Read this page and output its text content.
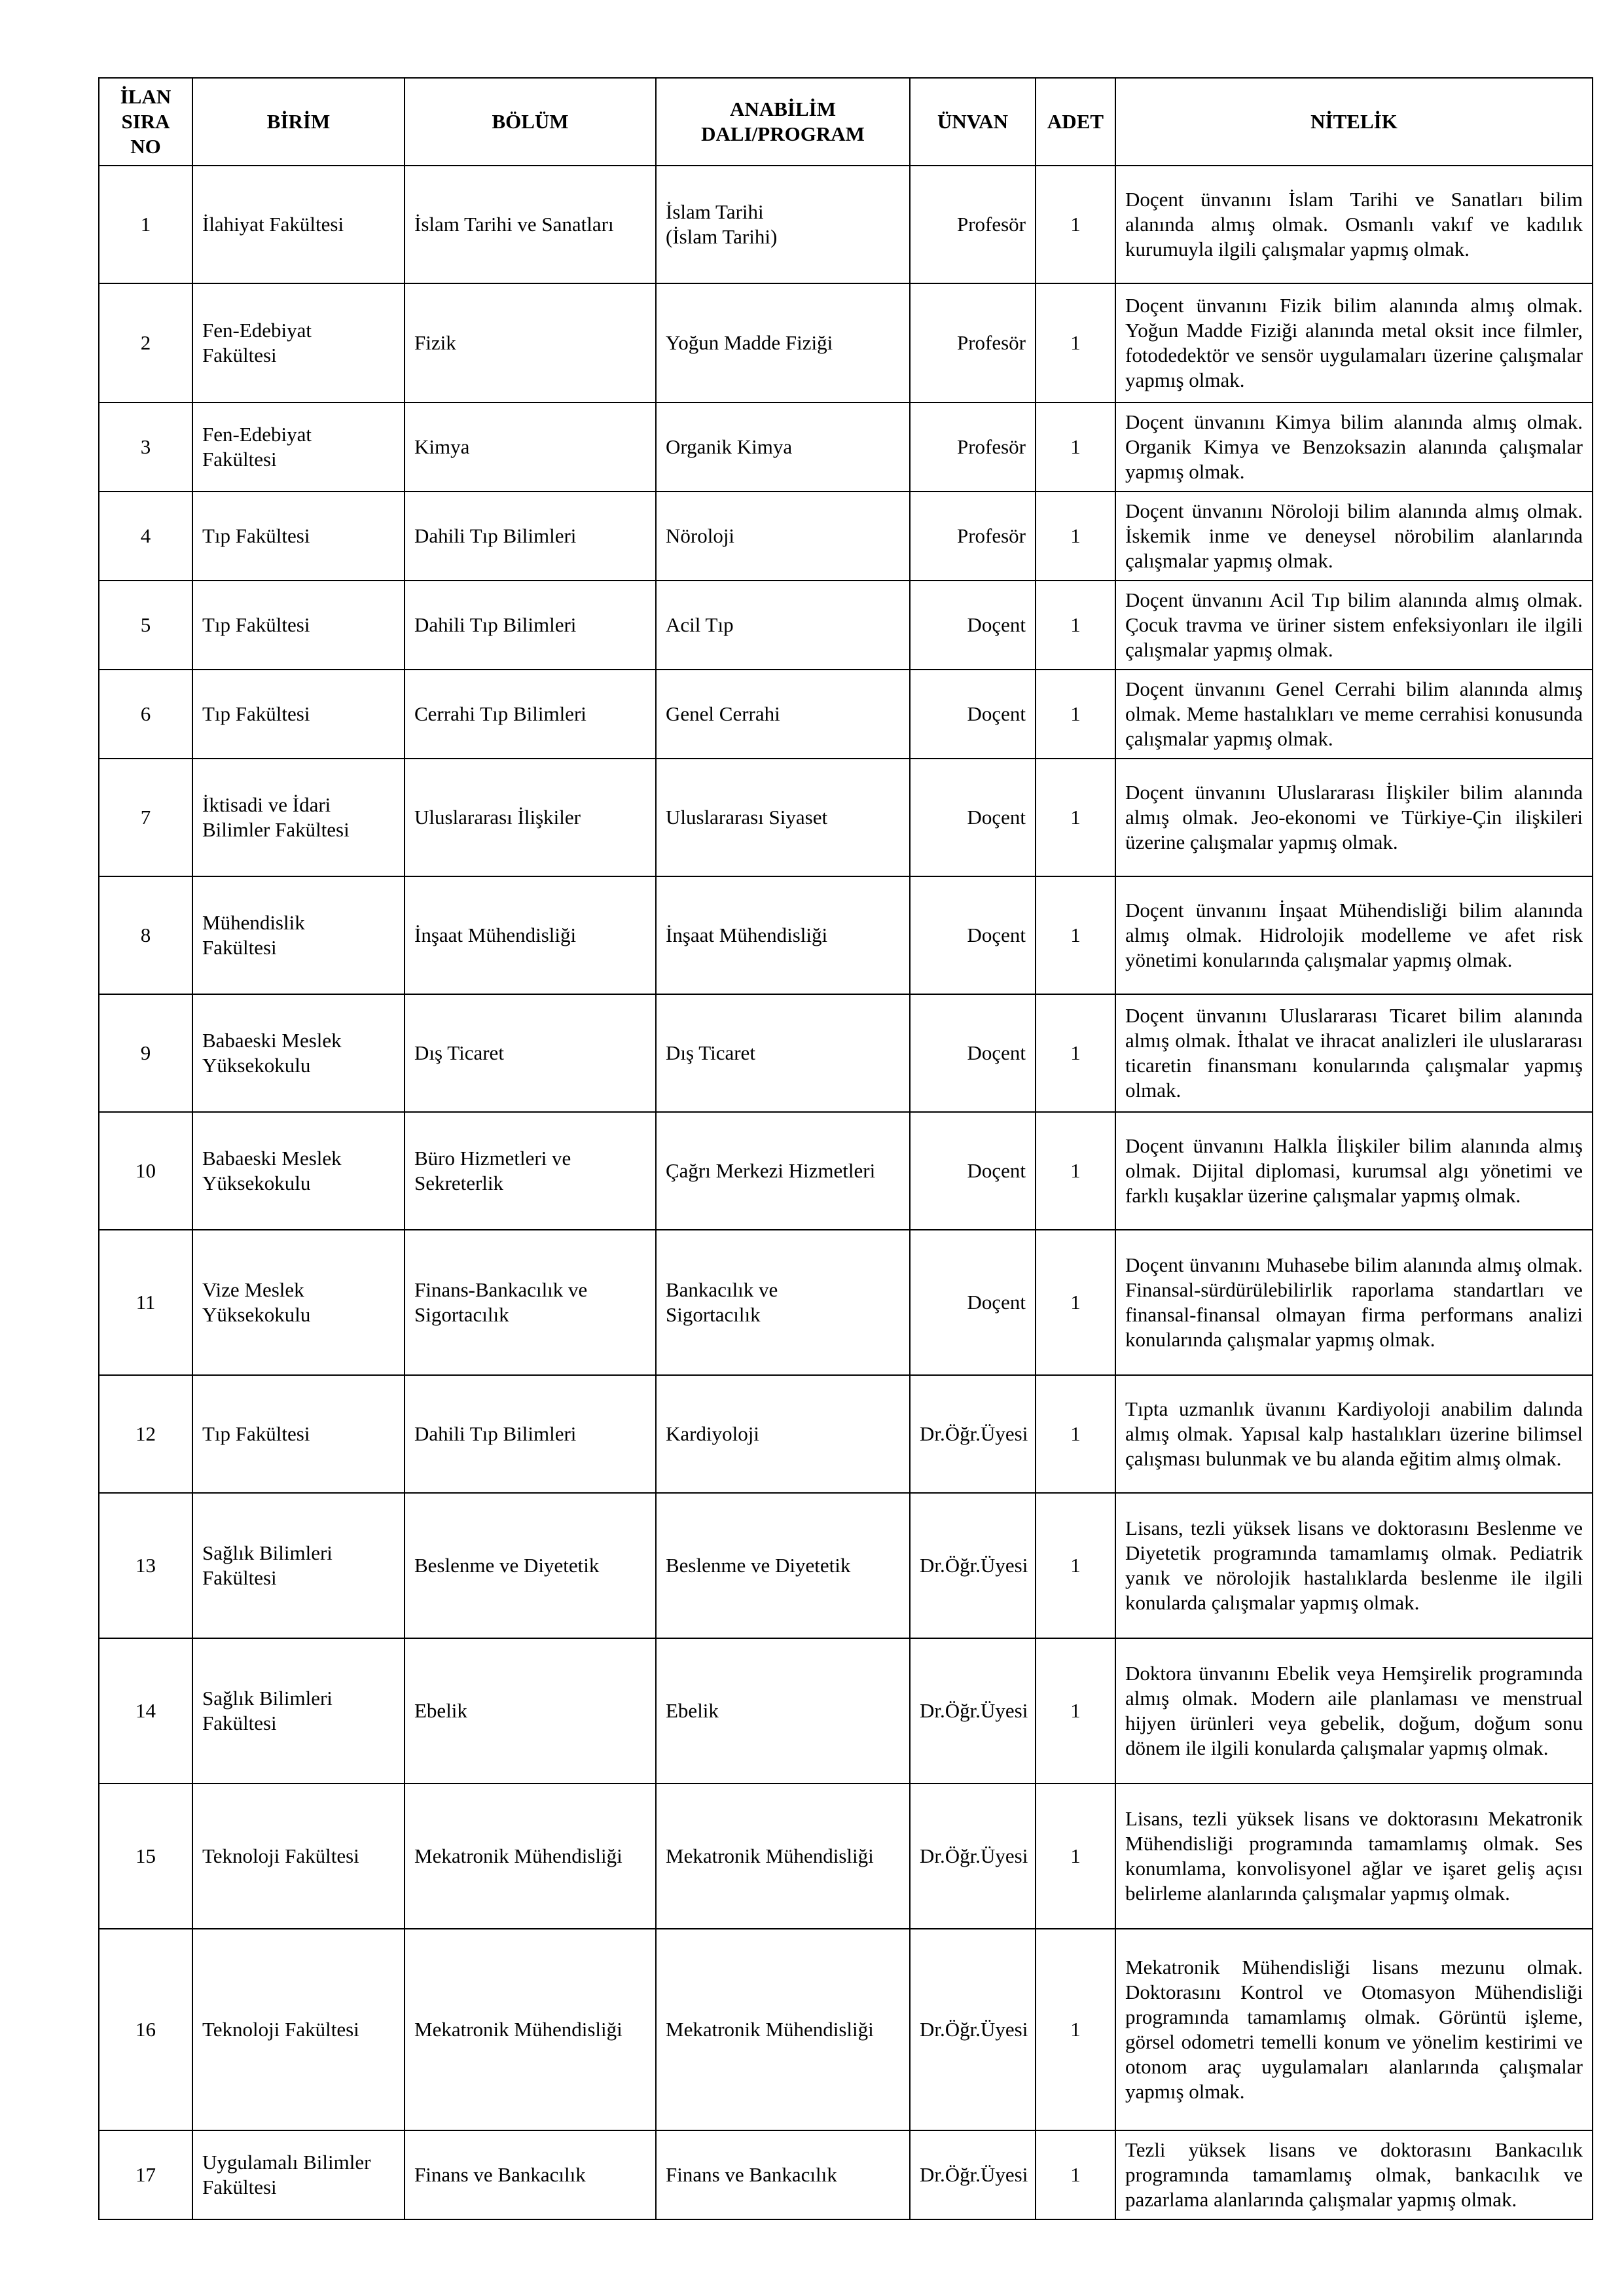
İLAN SIRA NO	BİRİM	BÖLÜM	ANABİLİM DALI/PROGRAM	ÜNVAN	ADET	NİTELİK
1	İlahiyat Fakültesi	İslam Tarihi ve Sanatları	İslam Tarihi
(İslam Tarihi)	Profesör	1	Doçent ünvanını İslam Tarihi ve Sanatları bilim alanında almış olmak. Osmanlı vakıf ve kadılık kurumuyla ilgili çalışmalar yapmış olmak.
2	Fen-Edebiyat
Fakültesi	Fizik	Yoğun Madde Fiziği	Profesör	1	Doçent ünvanını Fizik bilim alanında almış olmak. Yoğun Madde Fiziği alanında metal oksit ince filmler, fotodedektör ve sensör uygulamaları üzerine çalışmalar yapmış olmak.
3	Fen-Edebiyat
Fakültesi	Kimya	Organik Kimya	Profesör	1	Doçent ünvanını Kimya bilim alanında almış olmak. Organik Kimya ve Benzoksazin alanında çalışmalar yapmış olmak.
4	Tıp Fakültesi	Dahili Tıp Bilimleri	Nöroloji	Profesör	1	Doçent ünvanını Nöroloji bilim alanında almış olmak. İskemik inme ve deneysel nörobilim alanlarında çalışmalar yapmış olmak.
5	Tıp Fakültesi	Dahili Tıp Bilimleri	Acil Tıp	Doçent	1	Doçent ünvanını Acil Tıp bilim alanında almış olmak. Çocuk travma ve üriner sistem enfeksiyonları ile ilgili çalışmalar yapmış olmak.
6	Tıp Fakültesi	Cerrahi Tıp Bilimleri	Genel Cerrahi	Doçent	1	Doçent ünvanını Genel Cerrahi bilim alanında almış olmak. Meme hastalıkları ve meme cerrahisi konusunda çalışmalar yapmış olmak.
7	İktisadi ve İdari
Bilimler Fakültesi	Uluslararası İlişkiler	Uluslararası Siyaset	Doçent	1	Doçent ünvanını Uluslararası İlişkiler bilim alanında almış olmak. Jeo-ekonomi ve Türkiye-Çin ilişkileri üzerine çalışmalar yapmış olmak.
8	Mühendislik
Fakültesi	İnşaat Mühendisliği	İnşaat Mühendisliği	Doçent	1	Doçent ünvanını İnşaat Mühendisliği bilim alanında almış olmak. Hidrolojik modelleme ve afet risk yönetimi konularında çalışmalar yapmış olmak.
9	Babaeski Meslek
Yüksekokulu	Dış Ticaret	Dış Ticaret	Doçent	1	Doçent ünvanını Uluslararası Ticaret bilim alanında almış olmak. İthalat ve ihracat analizleri ile uluslararası ticaretin finansmanı konularında çalışmalar yapmış olmak.
10	Babaeski Meslek
Yüksekokulu	Büro Hizmetleri ve
Sekreterlik	Çağrı Merkezi Hizmetleri	Doçent	1	Doçent ünvanını Halkla İlişkiler bilim alanında almış olmak. Dijital diplomasi, kurumsal algı yönetimi ve farklı kuşaklar üzerine çalışmalar yapmış olmak.
11	Vize Meslek
Yüksekokulu	Finans-Bankacılık ve
Sigortacılık	Bankacılık ve
Sigortacılık	Doçent	1	Doçent ünvanını Muhasebe bilim alanında almış olmak. Finansal-sürdürülebilirlik raporlama standartları ve finansal-finansal olmayan firma performans analizi konularında çalışmalar yapmış olmak.
12	Tıp Fakültesi	Dahili Tıp Bilimleri	Kardiyoloji	Dr.Öğr.Üyesi	1	Tıpta uzmanlık üvanını Kardiyoloji anabilim dalında almış olmak. Yapısal kalp hastalıkları üzerine bilimsel çalışması bulunmak ve bu alanda eğitim almış olmak.
13	Sağlık Bilimleri
Fakültesi	Beslenme ve Diyetetik	Beslenme ve Diyetetik	Dr.Öğr.Üyesi	1	Lisans, tezli yüksek lisans ve doktorasını Beslenme ve Diyetetik programında tamamlamış olmak. Pediatrik yanık ve nörolojik hastalıklarda beslenme ile ilgili konularda çalışmalar yapmış olmak.
14	Sağlık Bilimleri
Fakültesi	Ebelik	Ebelik	Dr.Öğr.Üyesi	1	Doktora ünvanını Ebelik veya Hemşirelik programında almış olmak. Modern aile planlaması ve menstrual hijyen ürünleri veya gebelik, doğum, doğum sonu dönem ile ilgili konularda çalışmalar yapmış olmak.
15	Teknoloji Fakültesi	Mekatronik Mühendisliği	Mekatronik Mühendisliği	Dr.Öğr.Üyesi	1	Lisans, tezli yüksek lisans ve doktorasını Mekatronik Mühendisliği programında tamamlamış olmak. Ses konumlama, konvolisyonel ağlar ve işaret geliş açısı belirleme alanlarında çalışmalar yapmış olmak.
16	Teknoloji Fakültesi	Mekatronik Mühendisliği	Mekatronik Mühendisliği	Dr.Öğr.Üyesi	1	Mekatronik Mühendisliği lisans mezunu olmak. Doktorasını Kontrol ve Otomasyon Mühendisliği programında tamamlamış olmak. Görüntü işleme, görsel odometri temelli konum ve yönelim kestirimi ve otonom araç uygulamaları alanlarında çalışmalar yapmış olmak.
17	Uygulamalı Bilimler
Fakültesi	Finans ve Bankacılık	Finans ve Bankacılık	Dr.Öğr.Üyesi	1	Tezli yüksek lisans ve doktorasını Bankacılık programında tamamlamış olmak, bankacılık ve pazarlama alanlarında çalışmalar yapmış olmak.
